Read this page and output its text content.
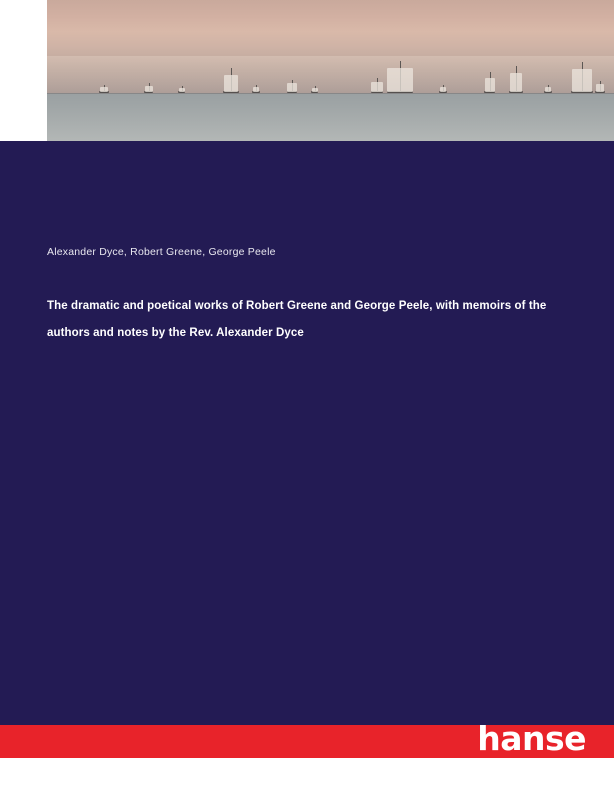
Alexander Dyce, Robert Greene, George Peele
The dramatic and poetical works of Robert Greene and George Peele, with memoirs of the authors and notes by the Rev. Alexander Dyce
hanse
